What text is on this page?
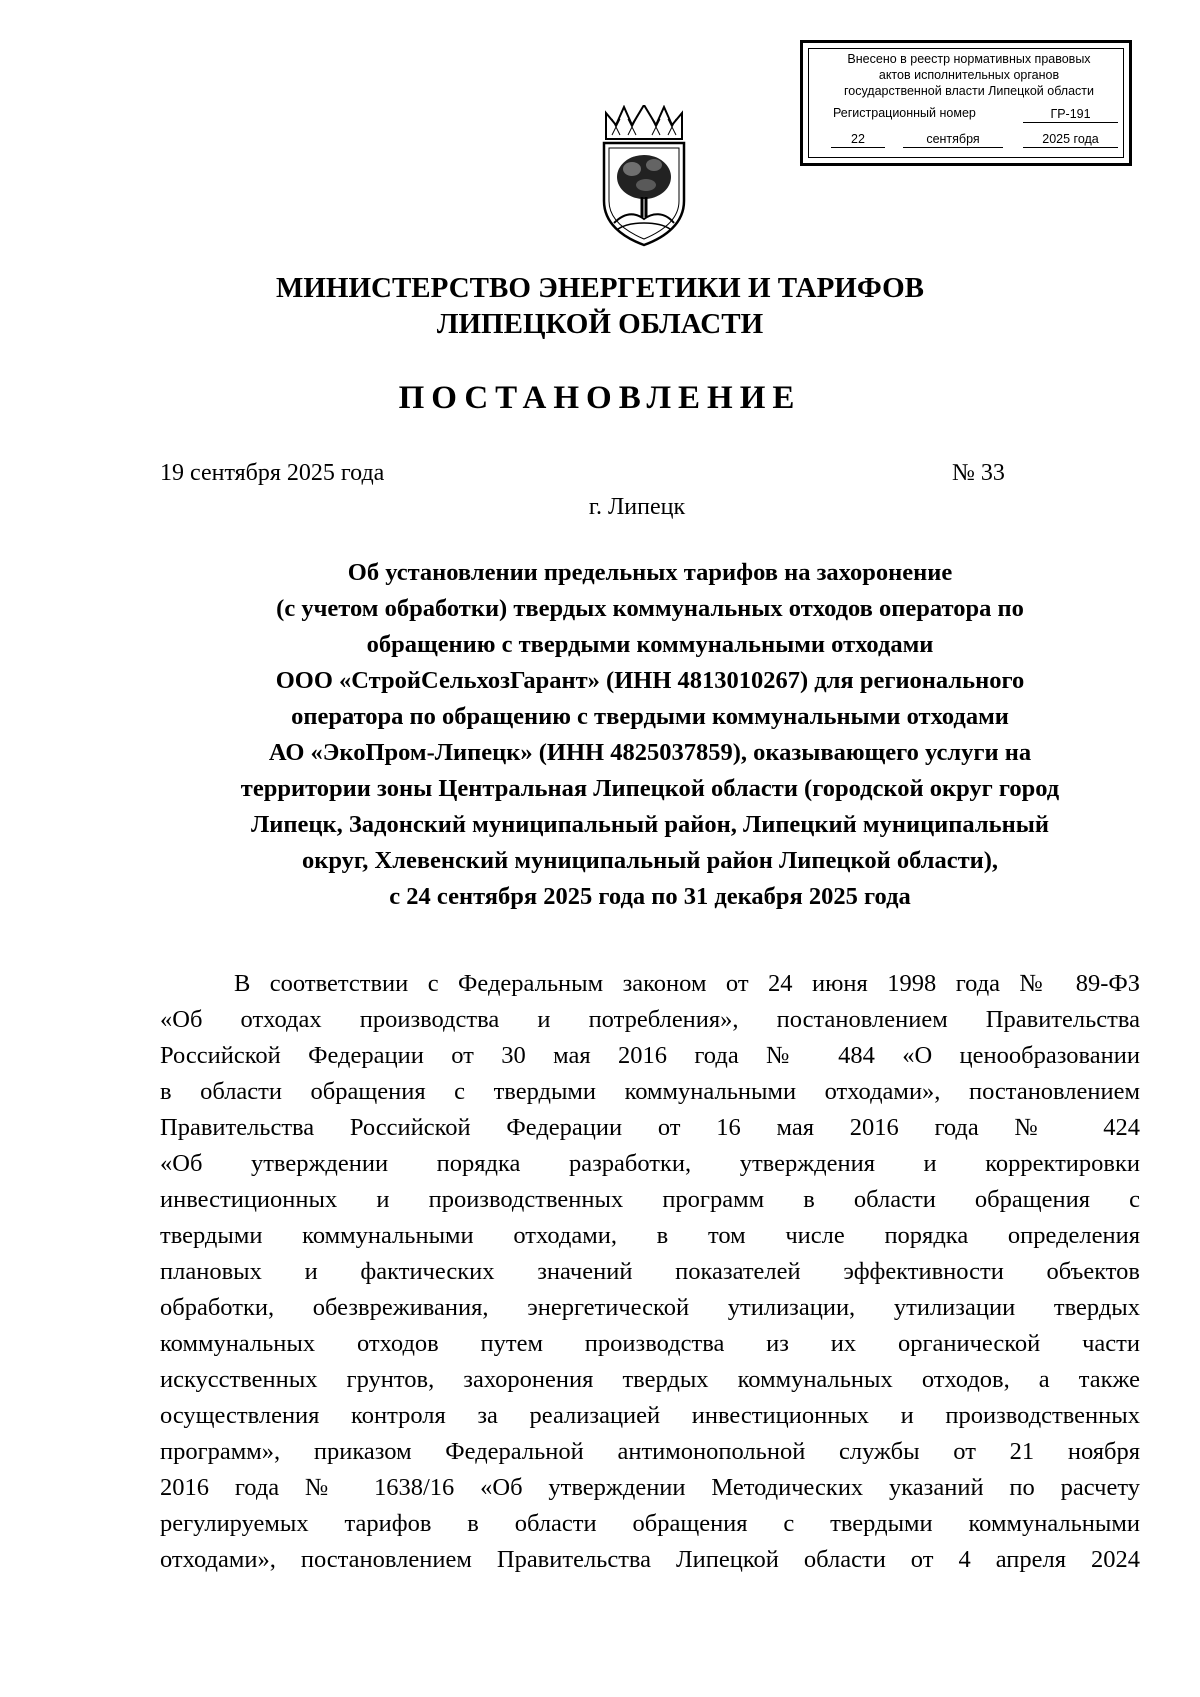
Внесено в реестр нормативных правовых
актов исполнительных органов
государственной власти Липецкой области
Регистрационный номер	ГР-191
22	сентября	2025 года
МИНИСТЕРСТВО ЭНЕРГЕТИКИ И ТАРИФОВ
ЛИПЕЦКОЙ ОБЛАСТИ
ПОСТАНОВЛЕНИЕ
19 сентября 2025 года	№ 33
г. Липецк
Об установлении предельных тарифов на захоронение
(с учетом обработки) твердых коммунальных отходов оператора по
обращению с твердыми коммунальными отходами
ООО «СтройСельхозГарант» (ИНН 4813010267) для регионального
оператора по обращению с твердыми коммунальными отходами
АО «ЭкоПром-Липецк» (ИНН 4825037859), оказывающего услуги на
территории зоны Центральная Липецкой области (городской округ город
Липецк, Задонский муниципальный район, Липецкий муниципальный
округ, Хлевенский муниципальный район Липецкой области),
с 24 сентября 2025 года по 31 декабря 2025 года
В соответствии с Федеральным законом от 24 июня 1998 года № 89-ФЗ
«Об отходах производства и потребления», постановлением Правительства
Российской Федерации от 30 мая 2016 года № 484 «О ценообразовании
в области обращения с твердыми коммунальными отходами», постановлением
Правительства Российской Федерации от 16 мая 2016 года № 424
«Об утверждении порядка разработки, утверждения и корректировки
инвестиционных и производственных программ в области обращения с
твердыми коммунальными отходами, в том числе порядка определения
плановых и фактических значений показателей эффективности объектов
обработки, обезвреживания, энергетической утилизации, утилизации твердых
коммунальных отходов путем производства из их органической части
искусственных грунтов, захоронения твердых коммунальных отходов, а также
осуществления контроля за реализацией инвестиционных и производственных
программ», приказом Федеральной антимонопольной службы от 21 ноября
2016 года № 1638/16 «Об утверждении Методических указаний по расчету
регулируемых тарифов в области обращения с твердыми коммунальными
отходами», постановлением Правительства Липецкой области от 4 апреля 2024
